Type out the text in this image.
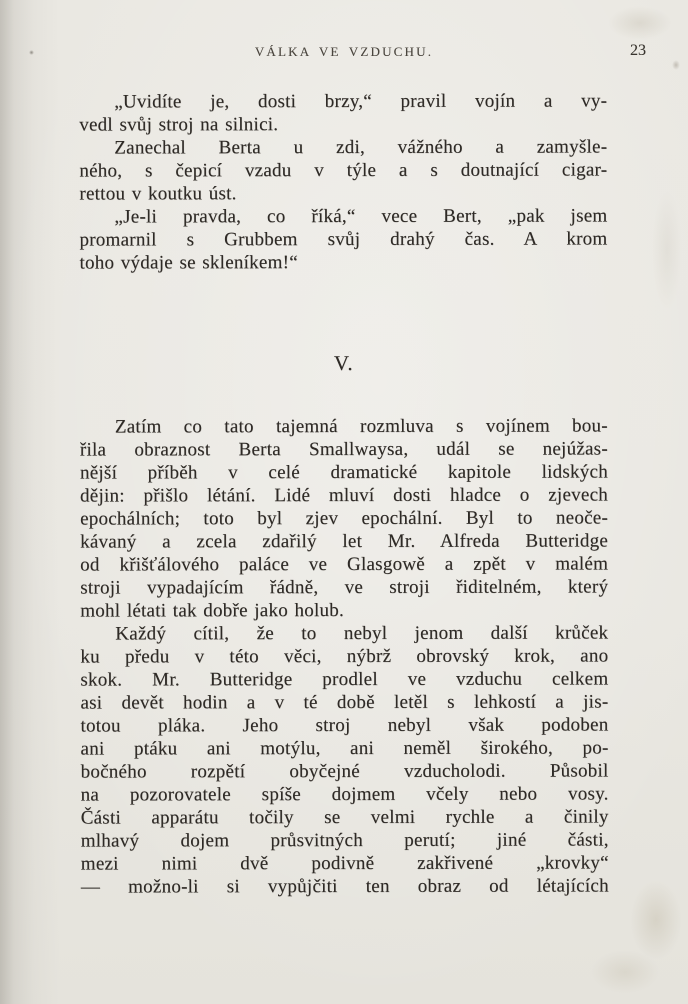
VÁLKA VE VZDUCHU.	23
„Uvidíte je, dosti brzy,“ pravil vojín a vy-
vedl svůj stroj na silnici.
Zanechal Berta u zdi, vážného a zamyšle-
ného, s čepicí vzadu v týle a s doutnající cigar-
rettou v koutku úst.
„Je-li pravda, co říká,“ vece Bert, „pak jsem
promarnil s Grubbem svůj drahý čas. A krom
toho výdaje se skleníkem!“
V.
Zatím co tato tajemná rozmluva s vojínem bou-
řila obraznost Berta Smallwaysa, udál se nejúžas-
nější příběh v celé dramatické kapitole lidských
dějin: přišlo létání. Lidé mluví dosti hladce o zjevech
epochálních; toto byl zjev epochální. Byl to neoče-
kávaný a zcela zdařilý let Mr. Alfreda Butteridge
od křišťálového paláce ve Glasgowě a zpět v malém
stroji vypadajícím řádně, ve stroji řiditelném, který
mohl létati tak dobře jako holub.
Každý cítil, že to nebyl jenom další krůček
ku předu v této věci, nýbrž obrovský krok, ano
skok. Mr. Butteridge prodlel ve vzduchu celkem
asi devět hodin a v té době letěl s lehkostí a jis-
totou pláka. Jeho stroj nebyl však podoben
ani ptáku ani motýlu, ani neměl širokého, po-
bočného rozpětí obyčejné vzducholodi. Působil
na pozorovatele spíše dojmem včely nebo vosy.
Části apparátu točily se velmi rychle a činily
mlhavý dojem průsvitných perutí; jiné části,
mezi nimi dvě podivně zakřivené „krovky“
— možno-li si vypůjčiti ten obraz od létajících
